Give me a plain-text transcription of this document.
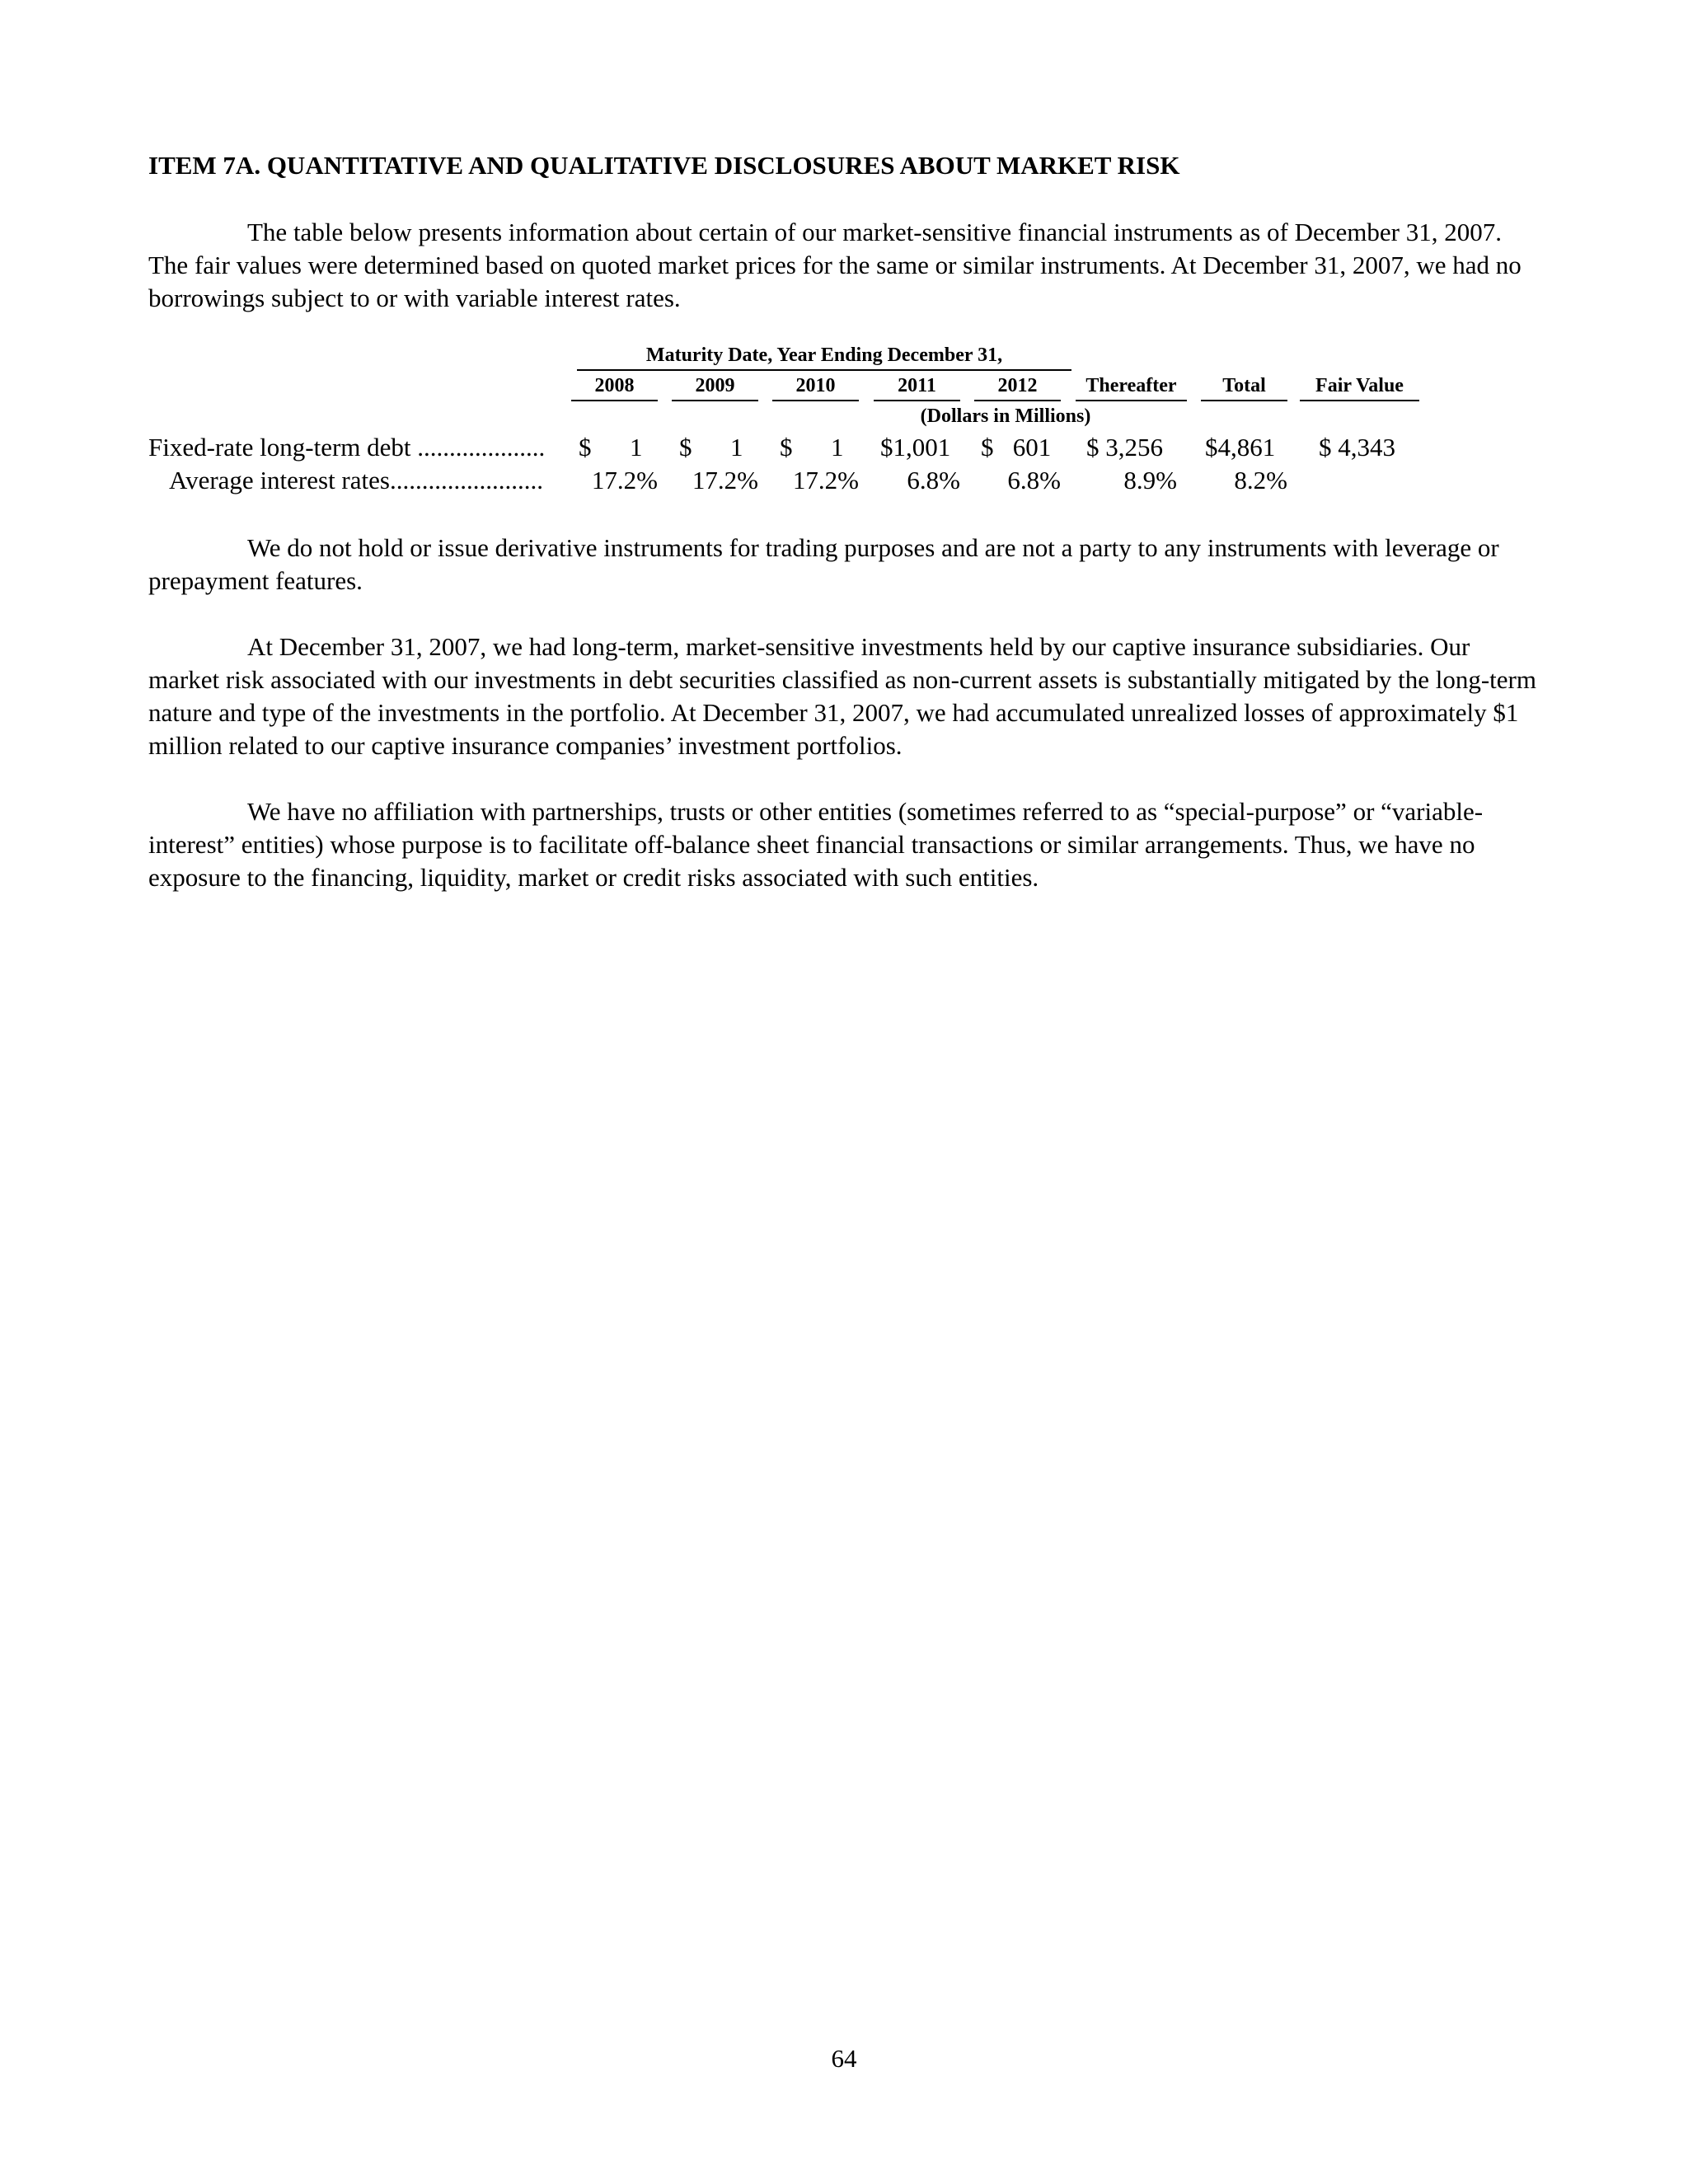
ITEM 7A. QUANTITATIVE AND QUALITATIVE DISCLOSURES ABOUT MARKET RISK

The table below presents information about certain of our market-sensitive financial instruments as of December 31, 2007. The fair values were determined based on quoted market prices for the same or similar instruments. At December 31, 2007, we had no borrowings subject to or with variable interest rates.

Maturity Date, Year Ending December 31,
2008	2009	2010	2011	2012	Thereafter	Total	Fair Value
(Dollars in Millions)
Fixed-rate long-term debt .................... $      1 $      1 $      1 $1,001 $   601 $ 3,256 $4,861 $ 4,343
Average interest rates........................	17.2%	17.2%	17.2%	6.8%	6.8%	8.9%	8.2%

We do not hold or issue derivative instruments for trading purposes and are not a party to any instruments with leverage or prepayment features.

At December 31, 2007, we had long-term, market-sensitive investments held by our captive insurance subsidiaries. Our market risk associated with our investments in debt securities classified as non-current assets is substantially mitigated by the long-term nature and type of the investments in the portfolio. At December 31, 2007, we had accumulated unrealized losses of approximately $1 million related to our captive insurance companies’ investment portfolios.

We have no affiliation with partnerships, trusts or other entities (sometimes referred to as “special-purpose” or “variable-interest” entities) whose purpose is to facilitate off-balance sheet financial transactions or similar arrangements. Thus, we have no exposure to the financing, liquidity, market or credit risks associated with such entities.

64
